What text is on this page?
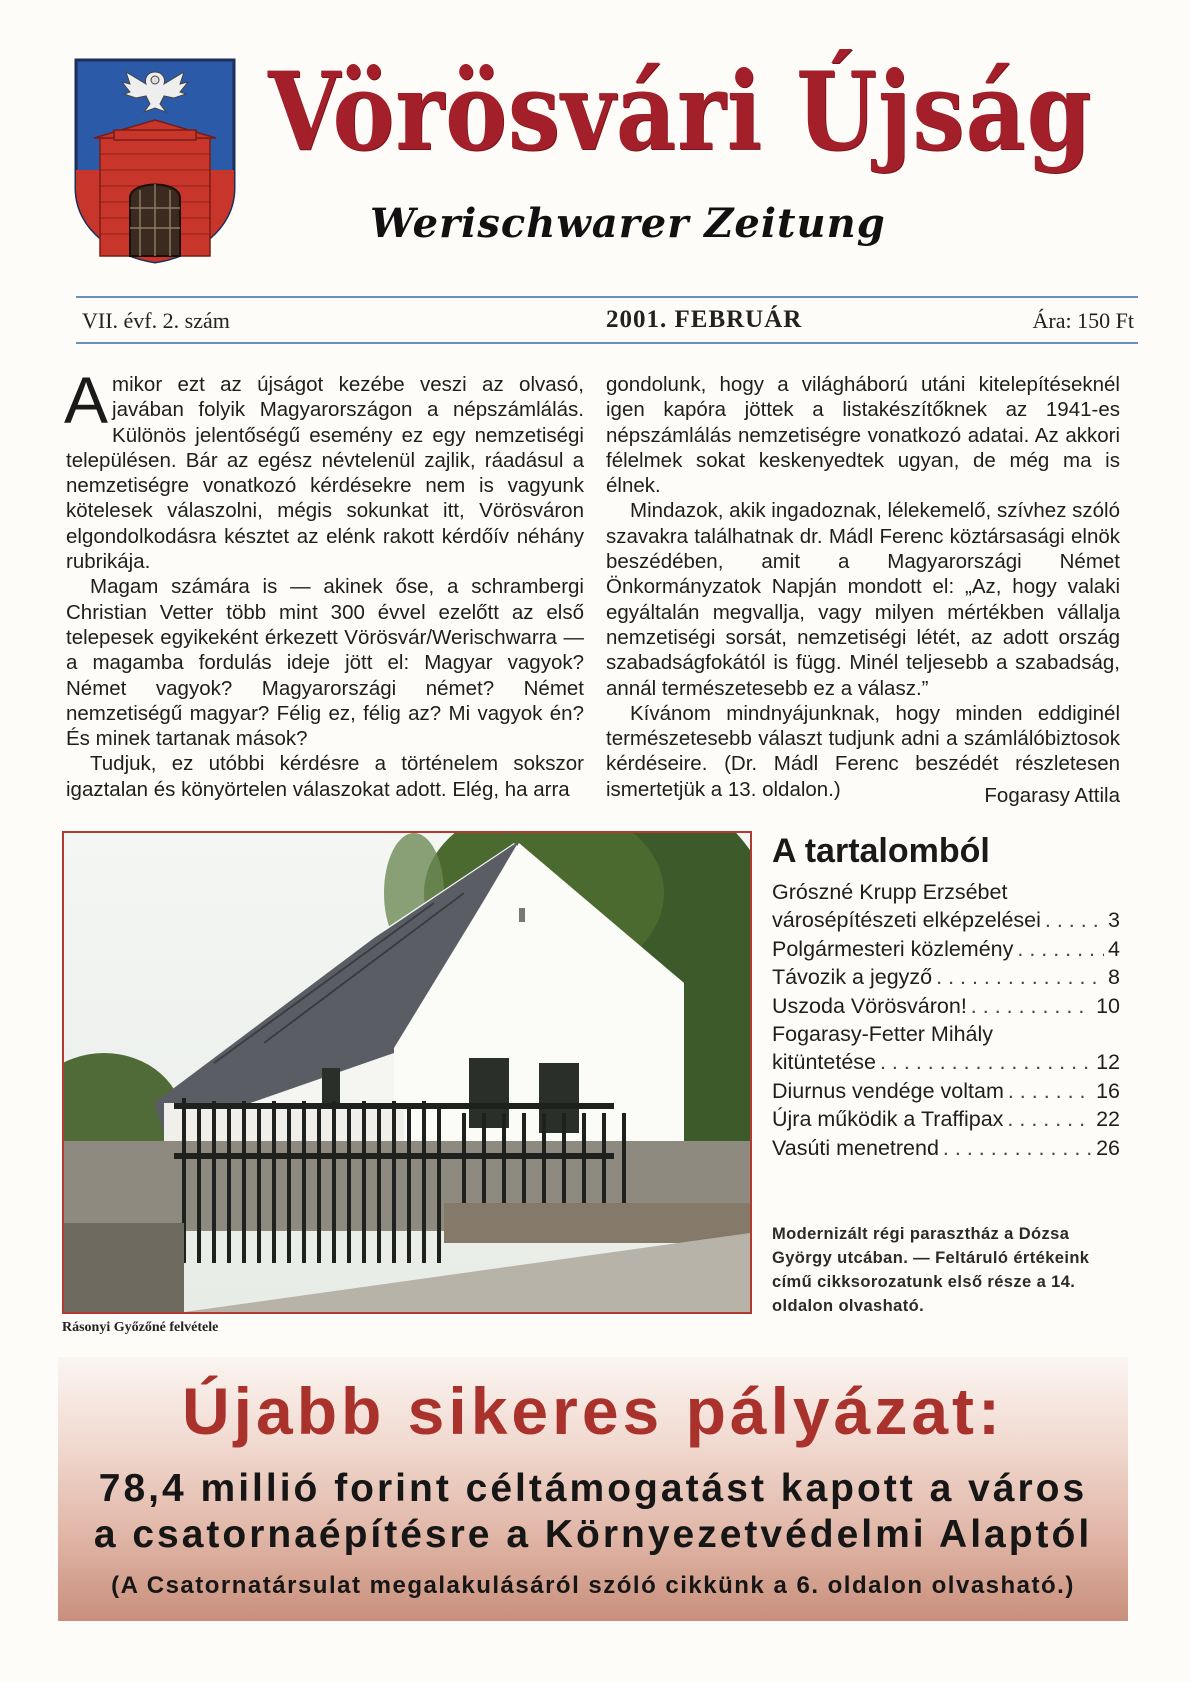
Vörösvári Újság
Werischwarer Zeitung
VII. évf. 2. szám	2001. FEBRUÁR	Ára: 150 Ft

Amikor ezt az újságot kezébe veszi az olvasó, javában folyik Magyarországon a népszámlálás. Különös jelentőségű esemény ez egy nemzetiségi településen. Bár az egész névtelenül zajlik, ráadásul a nemzetiségre vonatkozó kérdésekre nem is vagyunk kötelesek válaszolni, mégis sokunkat itt, Vörösváron elgondolkodásra késztet az elénk rakott kérdőív néhány rubrikája.

Magam számára is — akinek őse, a schrambergi Christian Vetter több mint 300 évvel ezelőtt az első telepesek egyikeként érkezett Vörösvár/Werischwarra — a magamba fordulás ideje jött el: Magyar vagyok? Német vagyok? Magyarországi német? Német nemzetiségű magyar? Félig ez, félig az? Mi vagyok én? És minek tartanak mások?

Tudjuk, ez utóbbi kérdésre a történelem sokszor igaztalan és könyörtelen válaszokat adott. Elég, ha arra

gondolunk, hogy a világháború utáni kitelepítéseknél igen kapóra jöttek a listakészítőknek az 1941-es népszámlálás nemzetiségre vonatkozó adatai. Az akkori félelmek sokat keskenyedtek ugyan, de még ma is élnek.

Mindazok, akik ingadoznak, lélekemelő, szívhez szóló szavakra találhatnak dr. Mádl Ferenc köztársasági elnök beszédében, amit a Magyarországi Német Önkormányzatok Napján mondott el: „Az, hogy valaki egyáltalán megvallja, vagy milyen mértékben vállalja nemzetiségi sorsát, nemzetiségi létét, az adott ország szabadságfokától is függ. Minél teljesebb a szabadság, annál természetesebb ez a válasz.”

Kívánom mindnyájunknak, hogy minden eddiginél természetesebb választ tudjunk adni a számlálóbiztosok kérdéseire. (Dr. Mádl Ferenc beszédét részletesen ismertetjük a 13. oldalon.)	Fogarasy Attila
Rásonyi Győzőné felvétele
A tartalomból
Grószné Krupp Erzsébet
városépítészeti elképzelései . . .	3
Polgármesteri közlemény . . .	4
Távozik a jegyző . . .	8
Uszoda Vörösváron! . . .	10
Fogarasy-Fetter Mihály
kitüntetése . . .	12
Diurnus vendége voltam . . .	16
Újra működik a Traffipax . . .	22
Vasúti menetrend . . .	26
Modernizált régi parasztház a Dózsa György utcában. — Feltáruló értékeink című cikksorozatunk első része a 14. oldalon olvasható.
Újabb sikeres pályázat:
78,4 millió forint céltámogatást kapott a város
a csatornaépítésre a Környezetvédelmi Alaptól
(A Csatornatársulat megalakulásáról szóló cikkünk a 6. oldalon olvasható.)
